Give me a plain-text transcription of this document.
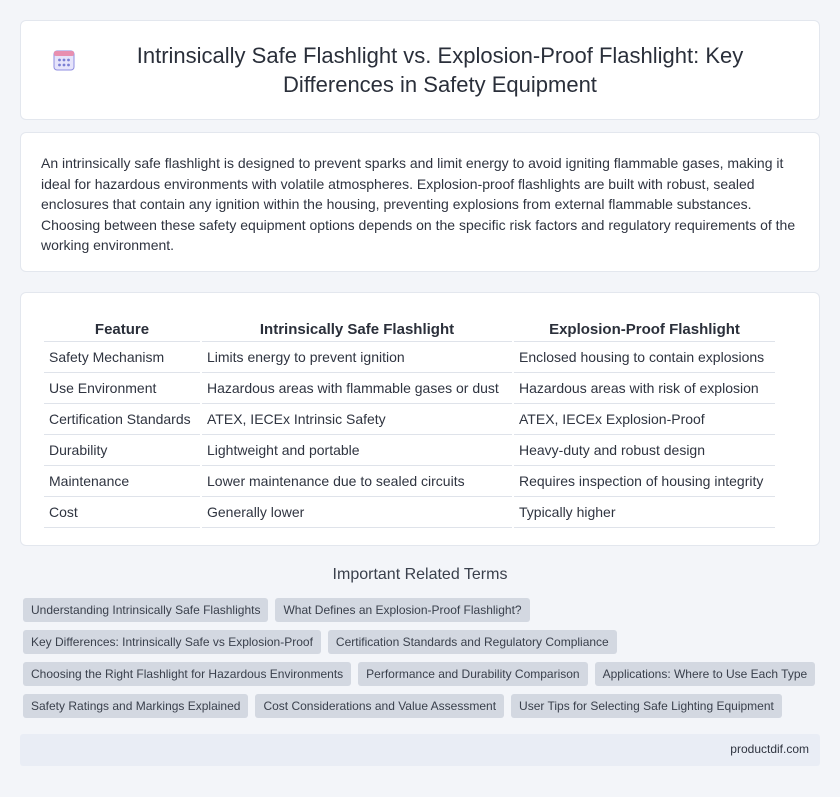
Intrinsically Safe Flashlight vs. Explosion-Proof Flashlight: Key Differences in Safety Equipment

An intrinsically safe flashlight is designed to prevent sparks and limit energy to avoid igniting flammable gases, making it ideal for hazardous environments with volatile atmospheres. Explosion-proof flashlights are built with robust, sealed enclosures that contain any ignition within the housing, preventing explosions from external flammable substances. Choosing between these safety equipment options depends on the specific risk factors and regulatory requirements of the working environment.

Feature	Intrinsically Safe Flashlight	Explosion-Proof Flashlight
Safety Mechanism	Limits energy to prevent ignition	Enclosed housing to contain explosions
Use Environment	Hazardous areas with flammable gases or dust	Hazardous areas with risk of explosion
Certification Standards	ATEX, IECEx Intrinsic Safety	ATEX, IECEx Explosion-Proof
Durability	Lightweight and portable	Heavy-duty and robust design
Maintenance	Lower maintenance due to sealed circuits	Requires inspection of housing integrity
Cost	Generally lower	Typically higher
Important Related Terms
Understanding Intrinsically Safe Flashlights	What Defines an Explosion-Proof Flashlight?
Key Differences: Intrinsically Safe vs Explosion-Proof	Certification Standards and Regulatory Compliance
Choosing the Right Flashlight for Hazardous Environments	Performance and Durability Comparison	Applications: Where to Use Each Type
Safety Ratings and Markings Explained	Cost Considerations and Value Assessment	User Tips for Selecting Safe Lighting Equipment
productdif.com
